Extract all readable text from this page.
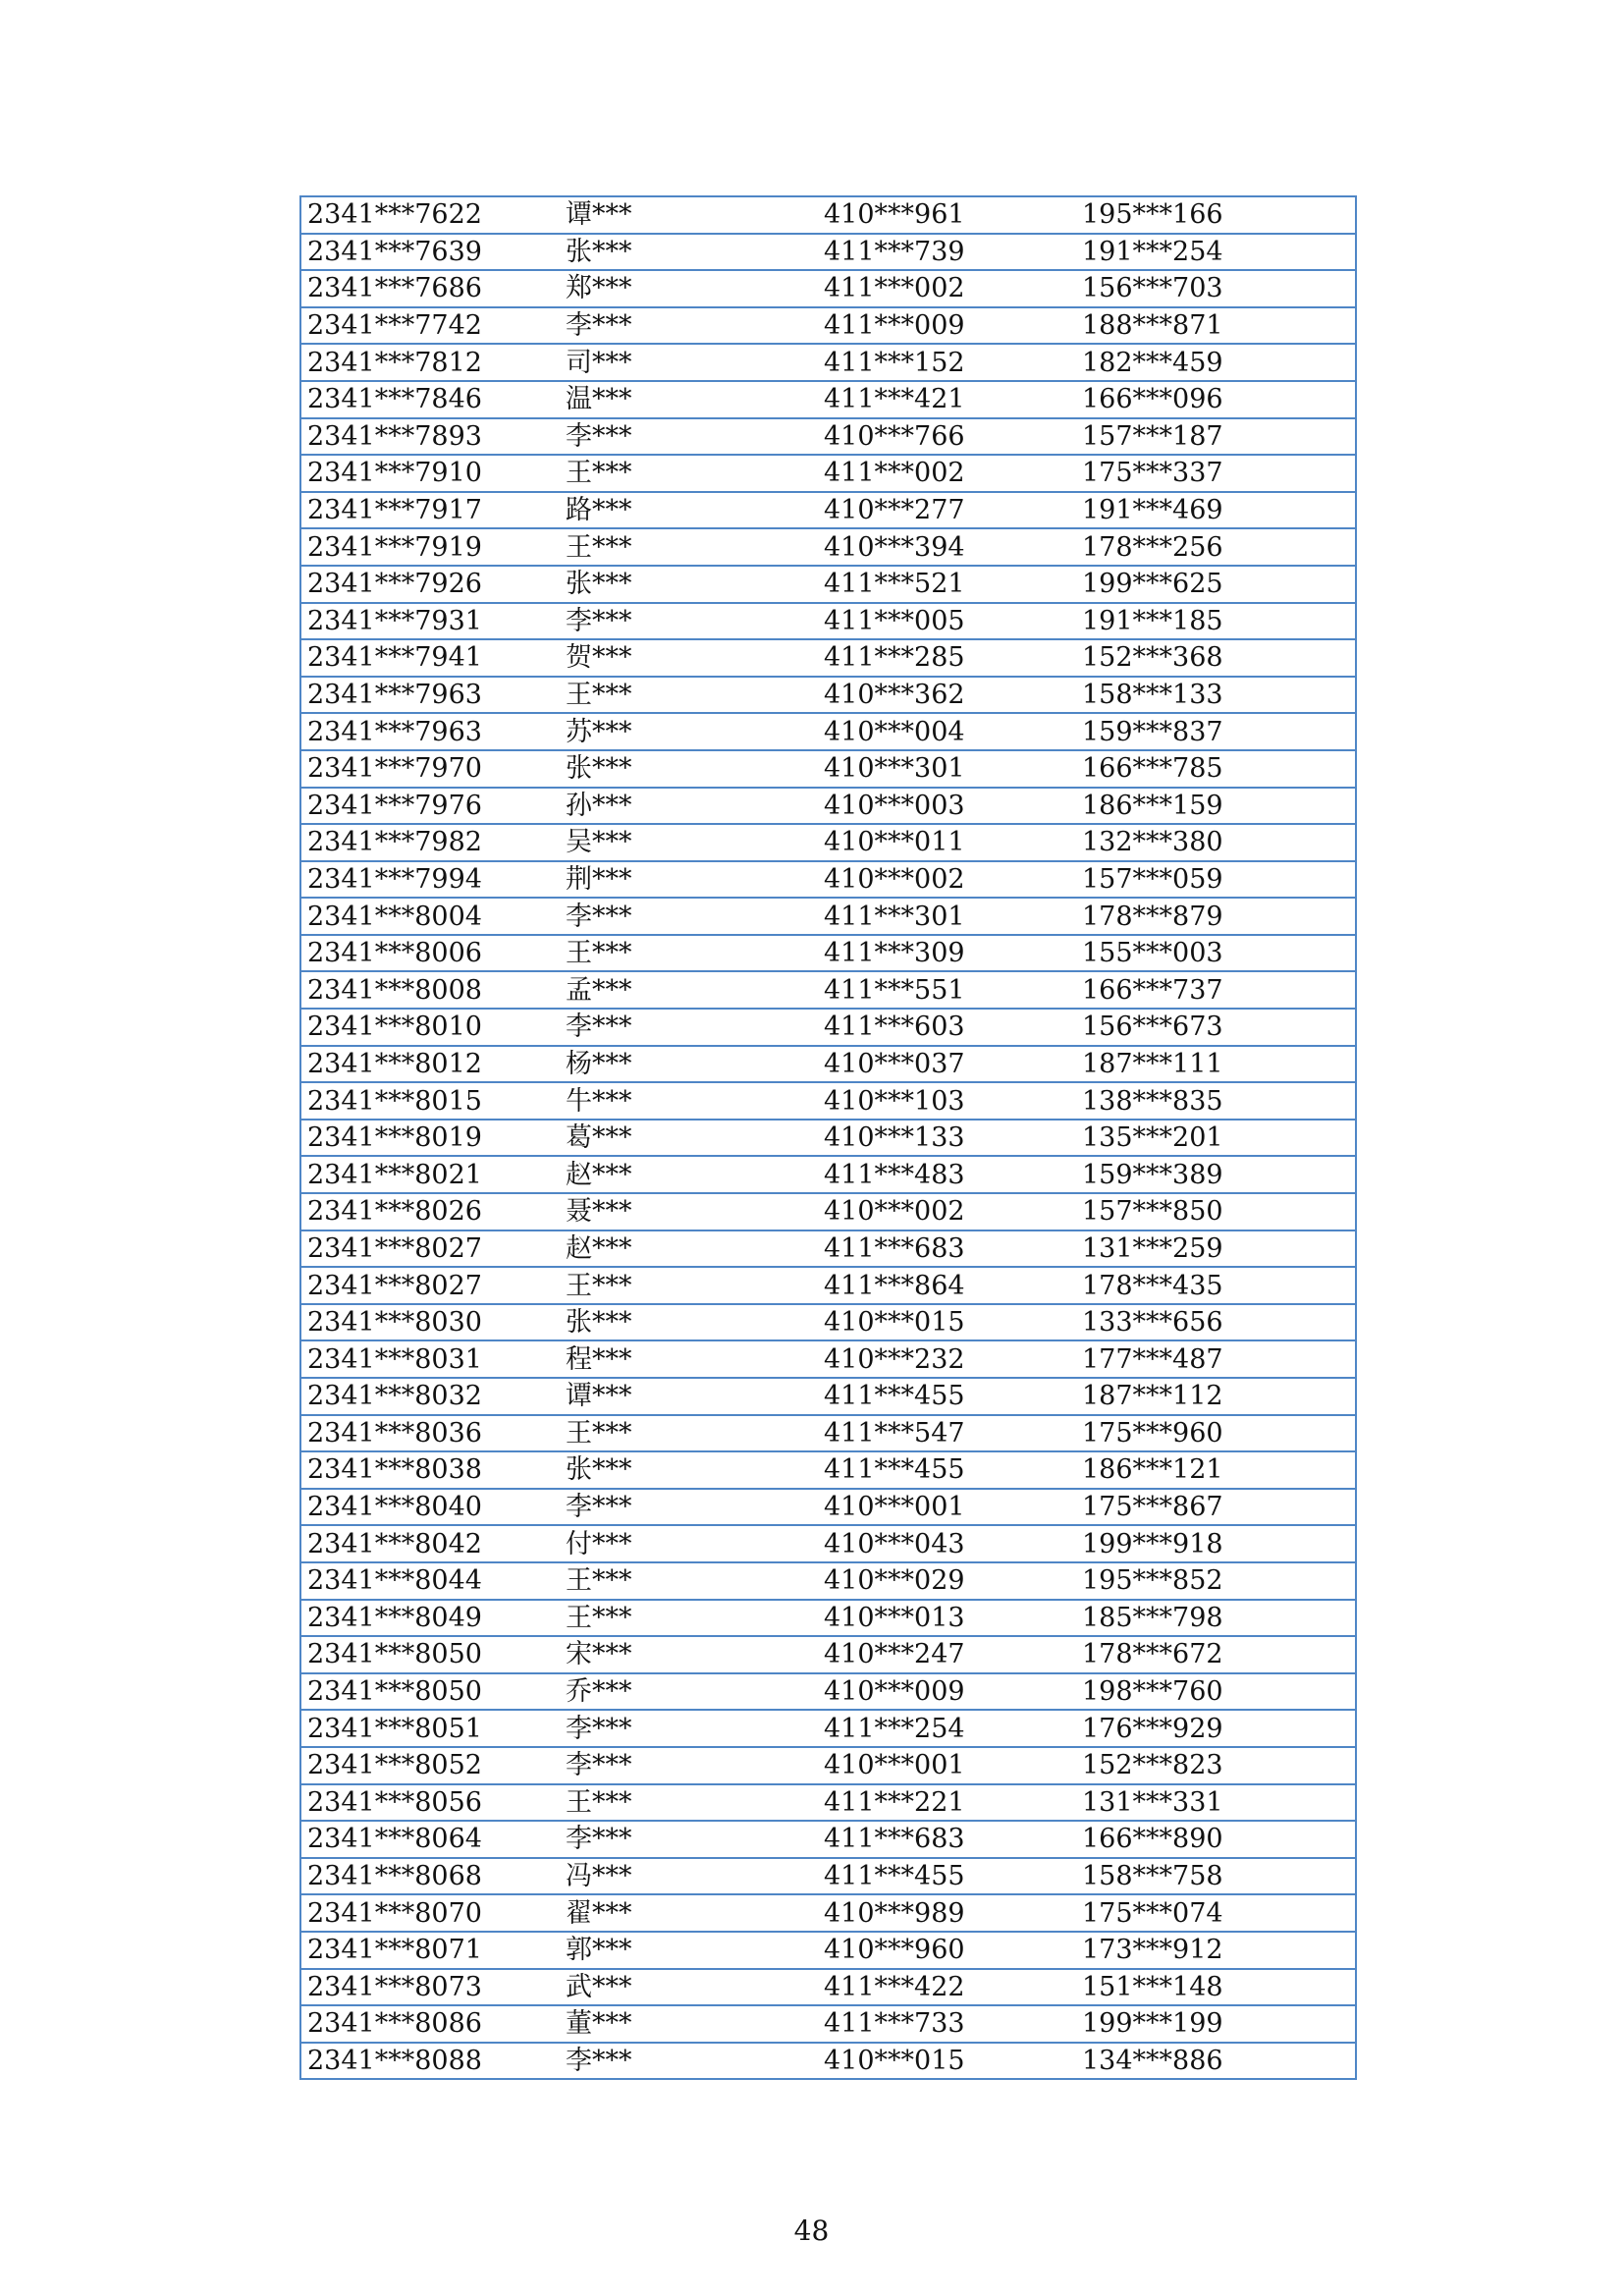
2341***7622	谭***	410***961	195***166
2341***7639	张***	411***739	191***254
2341***7686	郑***	411***002	156***703
2341***7742	李***	411***009	188***871
2341***7812	司***	411***152	182***459
2341***7846	温***	411***421	166***096
2341***7893	李***	410***766	157***187
2341***7910	王***	411***002	175***337
2341***7917	路***	410***277	191***469
2341***7919	王***	410***394	178***256
2341***7926	张***	411***521	199***625
2341***7931	李***	411***005	191***185
2341***7941	贺***	411***285	152***368
2341***7963	王***	410***362	158***133
2341***7963	苏***	410***004	159***837
2341***7970	张***	410***301	166***785
2341***7976	孙***	410***003	186***159
2341***7982	吴***	410***011	132***380
2341***7994	荆***	410***002	157***059
2341***8004	李***	411***301	178***879
2341***8006	王***	411***309	155***003
2341***8008	孟***	411***551	166***737
2341***8010	李***	411***603	156***673
2341***8012	杨***	410***037	187***111
2341***8015	牛***	410***103	138***835
2341***8019	葛***	410***133	135***201
2341***8021	赵***	411***483	159***389
2341***8026	聂***	410***002	157***850
2341***8027	赵***	411***683	131***259
2341***8027	王***	411***864	178***435
2341***8030	张***	410***015	133***656
2341***8031	程***	410***232	177***487
2341***8032	谭***	411***455	187***112
2341***8036	王***	411***547	175***960
2341***8038	张***	411***455	186***121
2341***8040	李***	410***001	175***867
2341***8042	付***	410***043	199***918
2341***8044	王***	410***029	195***852
2341***8049	王***	410***013	185***798
2341***8050	宋***	410***247	178***672
2341***8050	乔***	410***009	198***760
2341***8051	李***	411***254	176***929
2341***8052	李***	410***001	152***823
2341***8056	王***	411***221	131***331
2341***8064	李***	411***683	166***890
2341***8068	冯***	411***455	158***758
2341***8070	翟***	410***989	175***074
2341***8071	郭***	410***960	173***912
2341***8073	武***	411***422	151***148
2341***8086	董***	411***733	199***199
2341***8088	李***	410***015	134***886
48
